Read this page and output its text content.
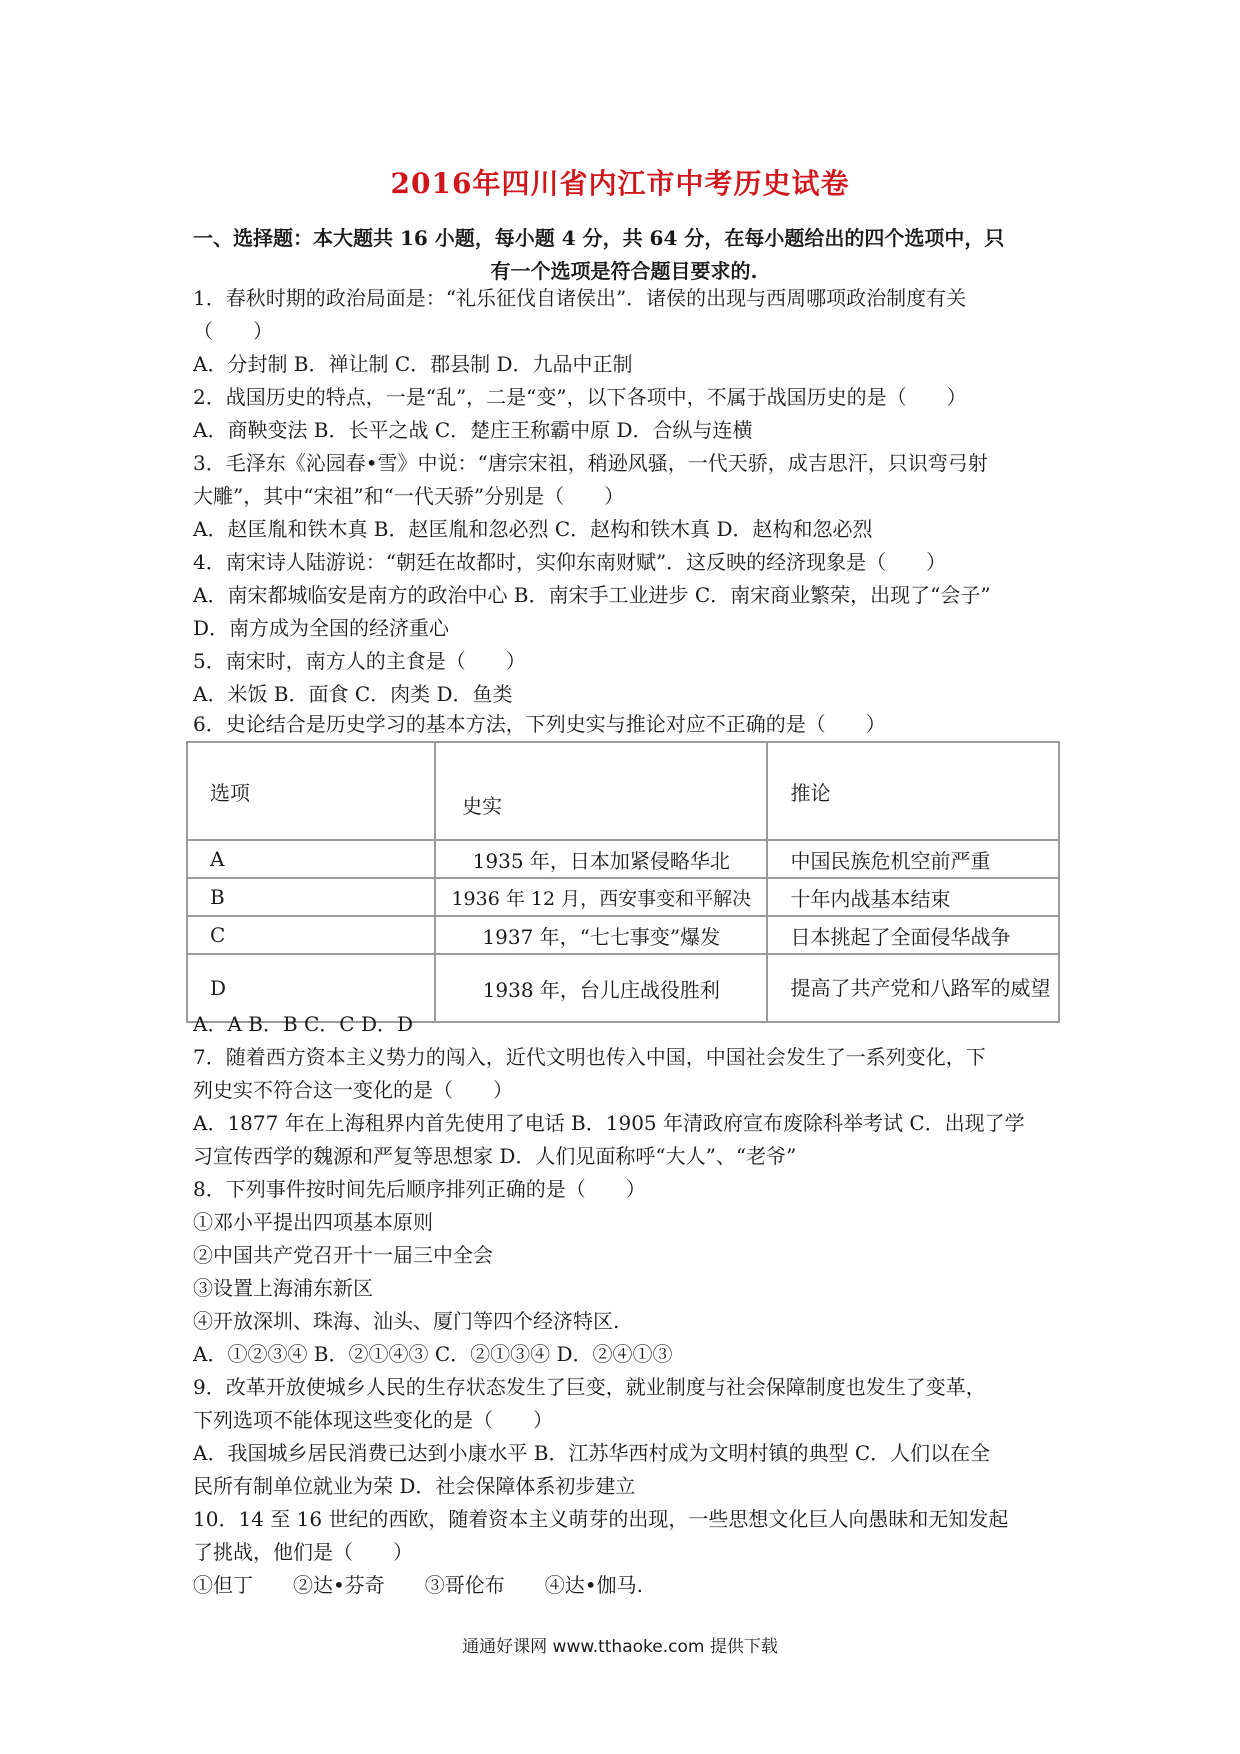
2016年四川省内江市中考历史试卷
一、选择题：本大题共 16 小题，每小题 4 分，共 64 分，在每小题给出的四个选项中，只
有一个选项是符合题目要求的.
1．春秋时期的政治局面是：“礼乐征伐自诸侯出”．诸侯的出现与西周哪项政治制度有关
（　　）
A．分封制 B．禅让制 C．郡县制 D．九品中正制
2．战国历史的特点，一是“乱”，二是“变”，以下各项中，不属于战国历史的是（　　）
A．商鞅变法 B．长平之战 C．楚庄王称霸中原 D．合纵与连横
3．毛泽东《沁园春•雪》中说：“唐宗宋祖，稍逊风骚，一代天骄，成吉思汗，只识弯弓射
大雕”，其中“宋祖”和“一代天骄”分别是（　　）
A．赵匡胤和铁木真 B．赵匡胤和忽必烈 C．赵构和铁木真 D．赵构和忽必烈
4．南宋诗人陆游说：“朝廷在故都时，实仰东南财赋”．这反映的经济现象是（　　）
A．南宋都城临安是南方的政治中心 B．南宋手工业进步 C．南宋商业繁荣，出现了“会子”
D．南方成为全国的经济重心
5．南宋时，南方人的主食是（　　）
A．米饭 B．面食 C．肉类 D．鱼类
6．史论结合是历史学习的基本方法，下列史实与推论对应不正确的是（　　）
选项	史实	推论
A	1935 年，日本加紧侵略华北	中国民族危机空前严重
B	1936 年 12 月，西安事变和平解决	十年内战基本结束
C	1937 年，“七七事变”爆发	日本挑起了全面侵华战争
D	1938 年，台儿庄战役胜利	提高了共产党和八路军的威望
A．A B．B C．C D．D
7．随着西方资本主义势力的闯入，近代文明也传入中国，中国社会发生了一系列变化，下
列史实不符合这一变化的是（　　）
A．1877 年在上海租界内首先使用了电话 B．1905 年清政府宣布废除科举考试 C．出现了学
习宣传西学的魏源和严复等思想家 D．人们见面称呼“大人”、“老爷”
8．下列事件按时间先后顺序排列正确的是（　　）
①邓小平提出四项基本原则
②中国共产党召开十一届三中全会
③设置上海浦东新区
④开放深圳、珠海、汕头、厦门等四个经济特区.
A．①②③④ B．②①④③ C．②①③④ D．②④①③
9．改革开放使城乡人民的生存状态发生了巨变，就业制度与社会保障制度也发生了变革，
下列选项不能体现这些变化的是（　　）
A．我国城乡居民消费已达到小康水平 B．江苏华西村成为文明村镇的典型 C．人们以在全
民所有制单位就业为荣 D．社会保障体系初步建立
10．14 至 16 世纪的西欧，随着资本主义萌芽的出现，一些思想文化巨人向愚昧和无知发起
了挑战，他们是（　　）
①但丁　　②达•芬奇　　③哥伦布　　④达•伽马.
通通好课网 www.tthaoke.com 提供下载
